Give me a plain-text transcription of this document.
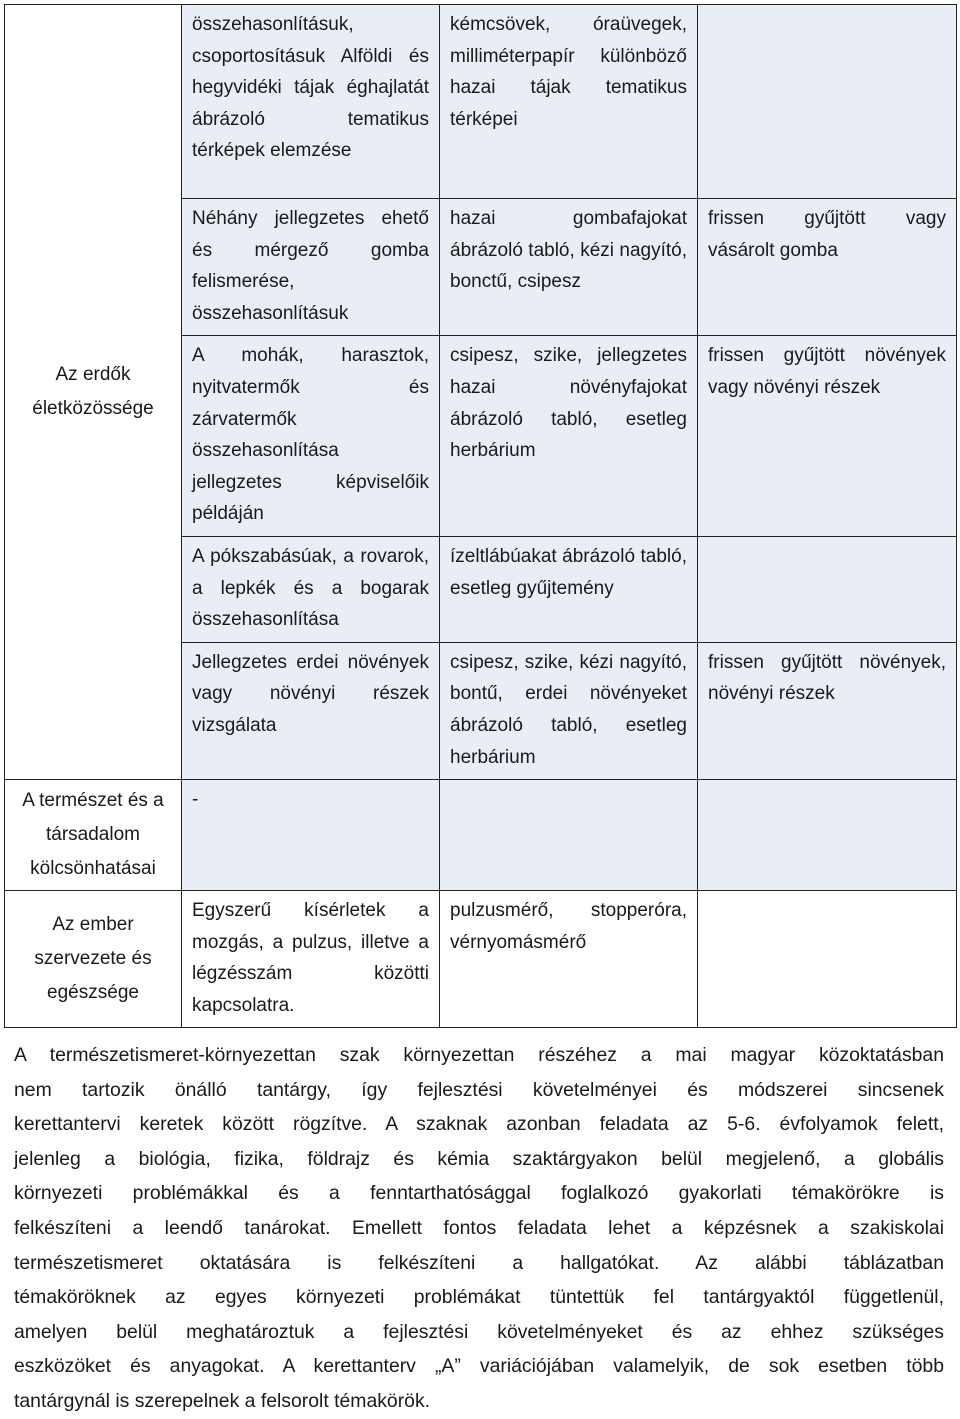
Az erdők életközössége	összehasonlításuk, csoportosításuk Alföldi és hegyvidéki tájak éghajlatát ábrázoló tematikus térképek elemzése	kémcsövek, óraüvegek, milliméterpapír különböző hazai tájak tematikus térképei	
	Néhány jellegzetes ehető és mérgező gomba felismerése, összehasonlításuk	hazai gombafajokat ábrázoló tabló, kézi nagyító, bonctű, csipesz	frissen gyűjtött vagy vásárolt gomba
	A mohák, harasztok, nyitvatermők és zárvatermők összehasonlítása jellegzetes képviselőik példáján	csipesz, szike, jellegzetes hazai növényfajokat ábrázoló tabló, esetleg herbárium	frissen gyűjtött növények vagy növényi részek
	A pókszabásúak, a rovarok, a lepkék és a bogarak összehasonlítása	ízeltlábúakat ábrázoló tabló, esetleg gyűjtemény	
	Jellegzetes erdei növények vagy növényi részek vizsgálata	csipesz, szike, kézi nagyító, bontű, erdei növényeket ábrázoló tabló, esetleg herbárium	frissen gyűjtött növények, növényi részek
A természet és a társadalom kölcsönhatásai	-		
Az ember szervezete és egészsége	Egyszerű kísérletek a mozgás, a pulzus, illetve a légzésszám közötti kapcsolatra.	pulzusmérő, stopperóra, vérnyomásmérő	
A természetismeret-környezettan szak környezettan részéhez a mai magyar közoktatásban
nem tartozik önálló tantárgy, így fejlesztési követelményei és módszerei sincsenek
kerettantervi keretek között rögzítve. A szaknak azonban feladata az 5-6. évfolyamok felett,
jelenleg a biológia, fizika, földrajz és kémia szaktárgyakon belül megjelenő, a globális
környezeti problémákkal és a fenntarthatósággal foglalkozó gyakorlati témakörökre is
felkészíteni a leendő tanárokat. Emellett fontos feladata lehet a képzésnek a szakiskolai
természetismeret oktatására is felkészíteni a hallgatókat. Az alábbi táblázatban
témaköröknek az egyes környezeti problémákat tüntettük fel tantárgyaktól függetlenül,
amelyen belül meghatároztuk a fejlesztési követelményeket és az ehhez szükséges
eszközöket és anyagokat. A kerettanterv „A” variációjában valamelyik, de sok esetben több
tantárgynál is szerepelnek a felsorolt témakörök.
